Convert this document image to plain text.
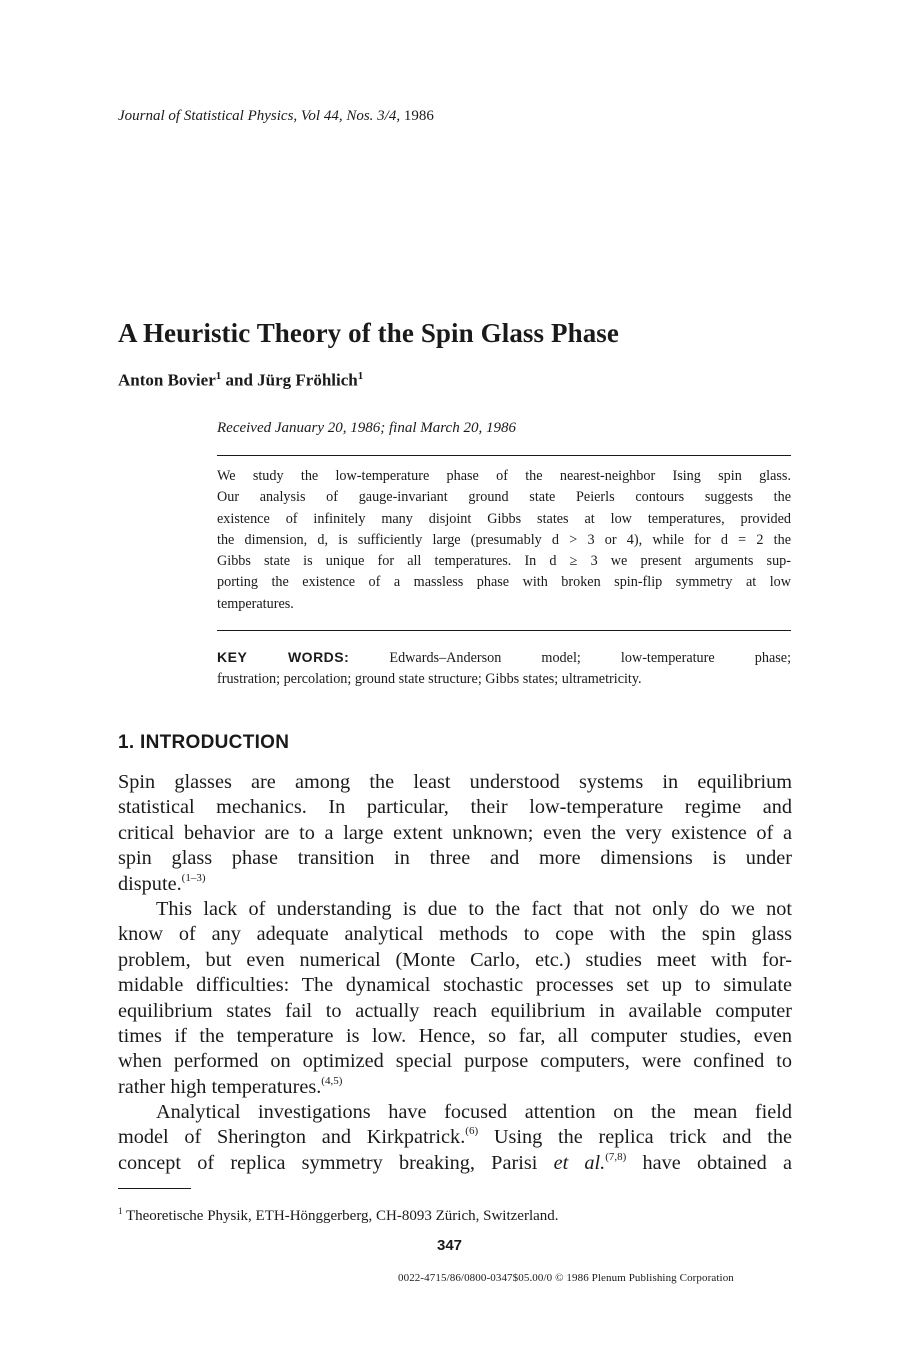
Journal of Statistical Physics, Vol 44, Nos. 3/4, 1986
A Heuristic Theory of the Spin Glass Phase
Anton Bovier$^1$ and Jürg Fröhlich$^1$
Received January 20, 1986; final March 20, 1986
We study the low-temperature phase of the nearest-neighbor Ising spin glass.
Our analysis of gauge-invariant ground state Peierls contours suggests the
existence of infinitely many disjoint Gibbs states at low temperatures, provided
the dimension, d, is sufficiently large (presumably d > 3 or 4), while for d = 2 the
Gibbs state is unique for all temperatures. In d ≥ 3 we present arguments sup-
porting the existence of a massless phase with broken spin-flip symmetry at low
temperatures.
KEY WORDS:	Edwards–Anderson model; low-temperature phase;
frustration; percolation; ground state structure; Gibbs states; ultrametricity.
1. INTRODUCTION
Spin glasses are among the least understood systems in equilibrium
statistical mechanics. In particular, their low-temperature regime and
critical behavior are to a large extent unknown; even the very existence of a
spin glass phase transition in three and more dimensions is under
dispute.$^{(1-3)}$
This lack of understanding is due to the fact that not only do we not
know of any adequate analytical methods to cope with the spin glass
problem, but even numerical (Monte Carlo, etc.) studies meet with for-
midable difficulties: The dynamical stochastic processes set up to simulate
equilibrium states fail to actually reach equilibrium in available computer
times if the temperature is low. Hence, so far, all computer studies, even
when performed on optimized special purpose computers, were confined to
rather high temperatures.$^{(4,5)}$
Analytical investigations have focused attention on the mean field
model of Sherington and Kirkpatrick.$^{(6)}$ Using the replica trick and the
concept of replica symmetry breaking, Parisi et al.$^{(7,8)}$ have obtained a
$^1$ Theoretische Physik, ETH-Hönggerberg, CH-8093 Zürich, Switzerland.
347
0022-4715/86/0800-0347$05.00/0 © 1986 Plenum Publishing Corporation
